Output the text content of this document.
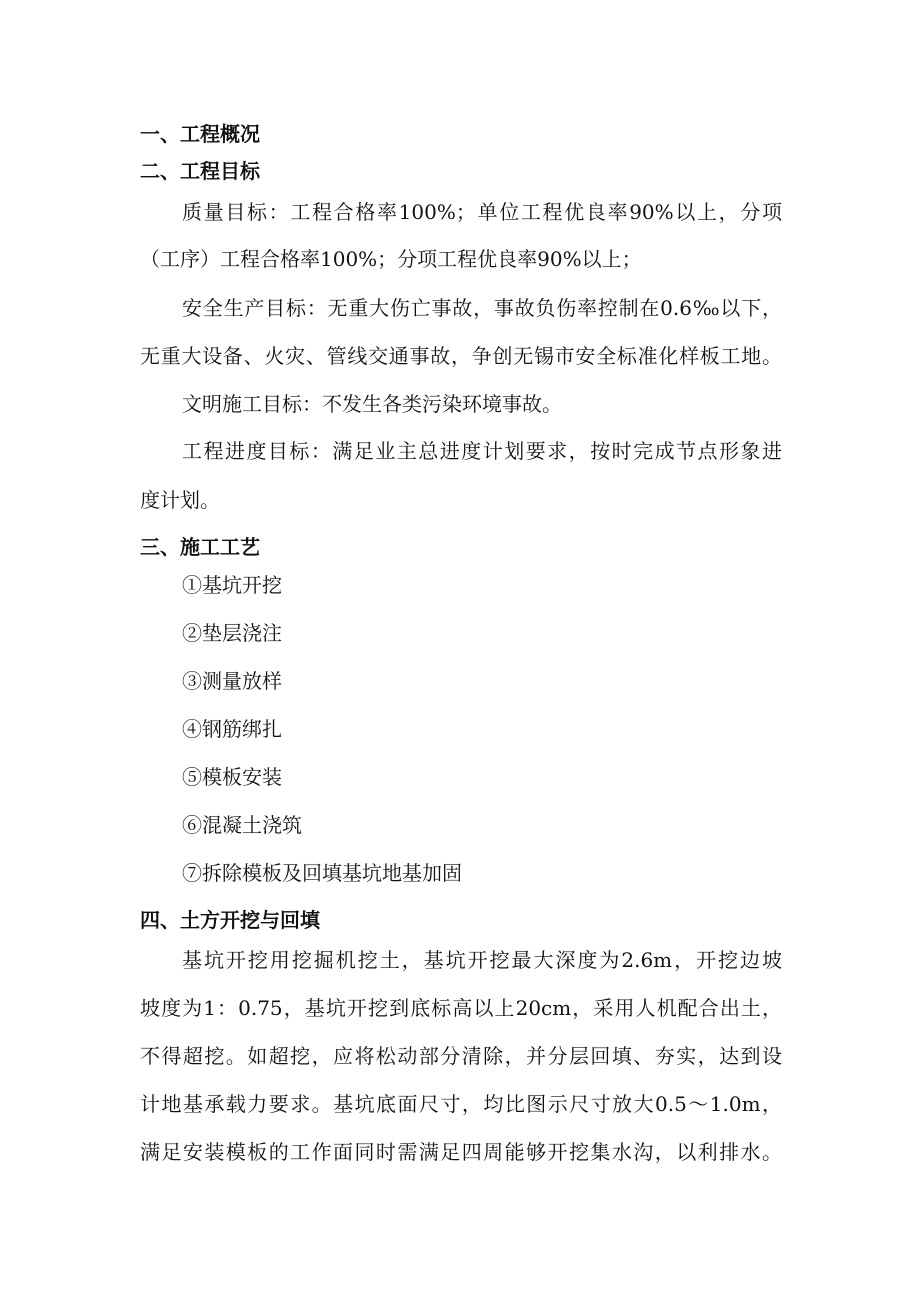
一、工程概况
二、工程目标
质量目标：工程合格率100%；单位工程优良率90%以上，分项
（工序）工程合格率100%；分项工程优良率90%以上；
安全生产目标：无重大伤亡事故，事故负伤率控制在0.6‰以下，
无重大设备、火灾、管线交通事故，争创无锡市安全标准化样板工地。
文明施工目标：不发生各类污染环境事故。
工程进度目标：满足业主总进度计划要求，按时完成节点形象进
度计划。
三、施工工艺
①基坑开挖
②垫层浇注
③测量放样
④钢筋绑扎
⑤模板安装
⑥混凝土浇筑
⑦拆除模板及回填基坑地基加固
四、土方开挖与回填
基坑开挖用挖掘机挖土，基坑开挖最大深度为2.6m，开挖边坡
坡度为1：0.75，基坑开挖到底标高以上20cm，采用人机配合出土，
不得超挖。如超挖，应将松动部分清除，并分层回填、夯实，达到设
计地基承载力要求。基坑底面尺寸，均比图示尺寸放大0.5～1.0m，
满足安装模板的工作面同时需满足四周能够开挖集水沟，以利排水。
